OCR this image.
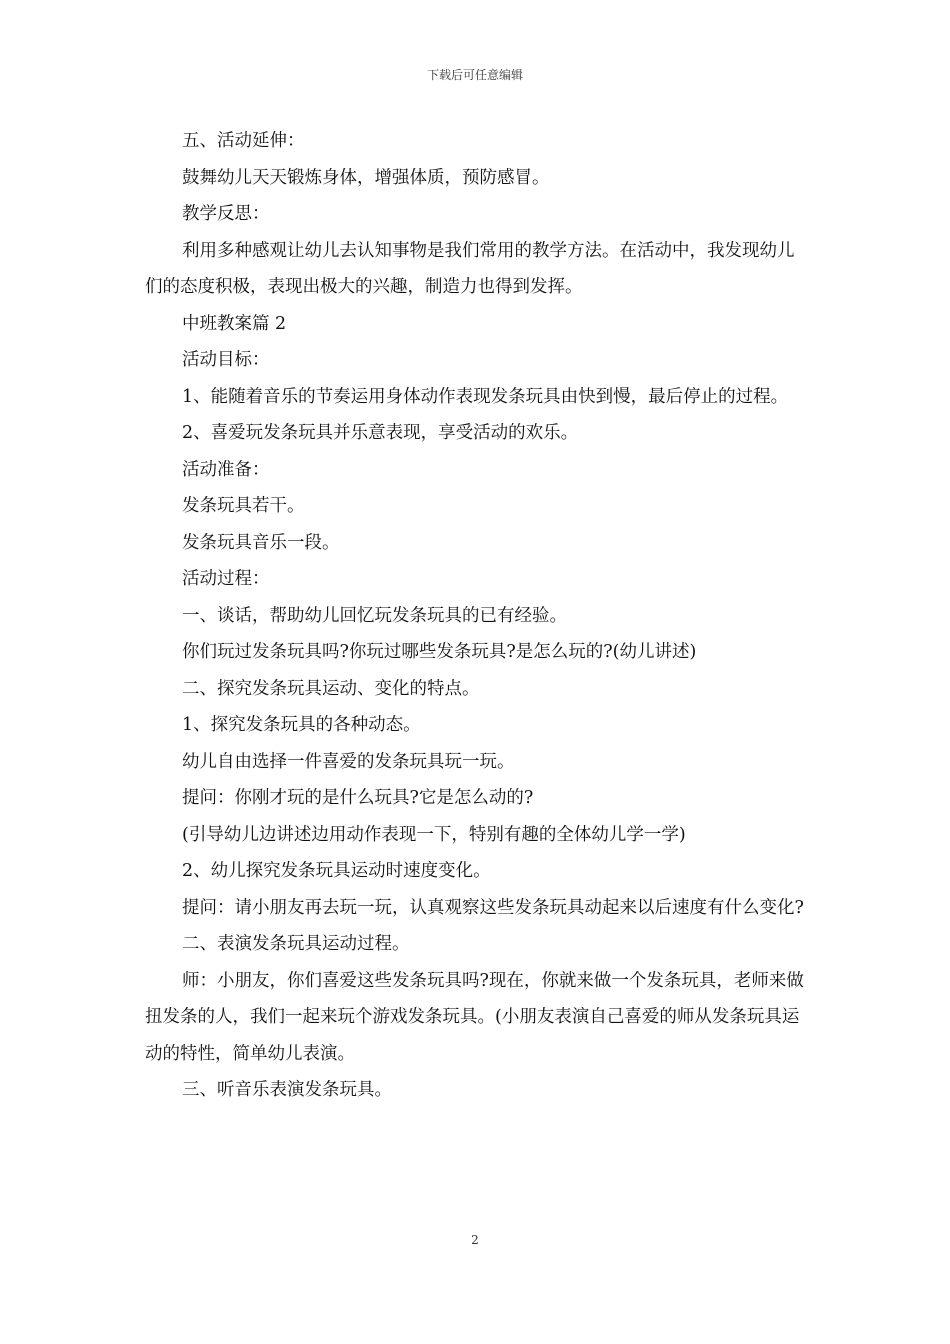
下载后可任意编辑

五、活动延伸：

鼓舞幼儿天天锻炼身体，增强体质，预防感冒。

教学反思：

利用多种感观让幼儿去认知事物是我们常用的教学方法。在活动中，我发现幼儿们的态度积极，表现出极大的兴趣，制造力也得到发挥。

中班教案篇 2

活动目标：

1、能随着音乐的节奏运用身体动作表现发条玩具由快到慢，最后停止的过程。

2、喜爱玩发条玩具并乐意表现，享受活动的欢乐。

活动准备：

发条玩具若干。

发条玩具音乐一段。

活动过程：

一、谈话，帮助幼儿回忆玩发条玩具的已有经验。

你们玩过发条玩具吗?你玩过哪些发条玩具?是怎么玩的?(幼儿讲述)

二、探究发条玩具运动、变化的特点。

1、探究发条玩具的各种动态。

幼儿自由选择一件喜爱的发条玩具玩一玩。

提问：你刚才玩的是什么玩具?它是怎么动的?

(引导幼儿边讲述边用动作表现一下，特别有趣的全体幼儿学一学)

2、幼儿探究发条玩具运动时速度变化。

提问：请小朋友再去玩一玩，认真观察这些发条玩具动起来以后速度有什么变化?

二、表演发条玩具运动过程。

师：小朋友，你们喜爱这些发条玩具吗?现在，你就来做一个发条玩具，老师来做扭发条的人，我们一起来玩个游戏发条玩具。(小朋友表演自己喜爱的师从发条玩具运动的特性，简单幼儿表演。

三、听音乐表演发条玩具。

2
